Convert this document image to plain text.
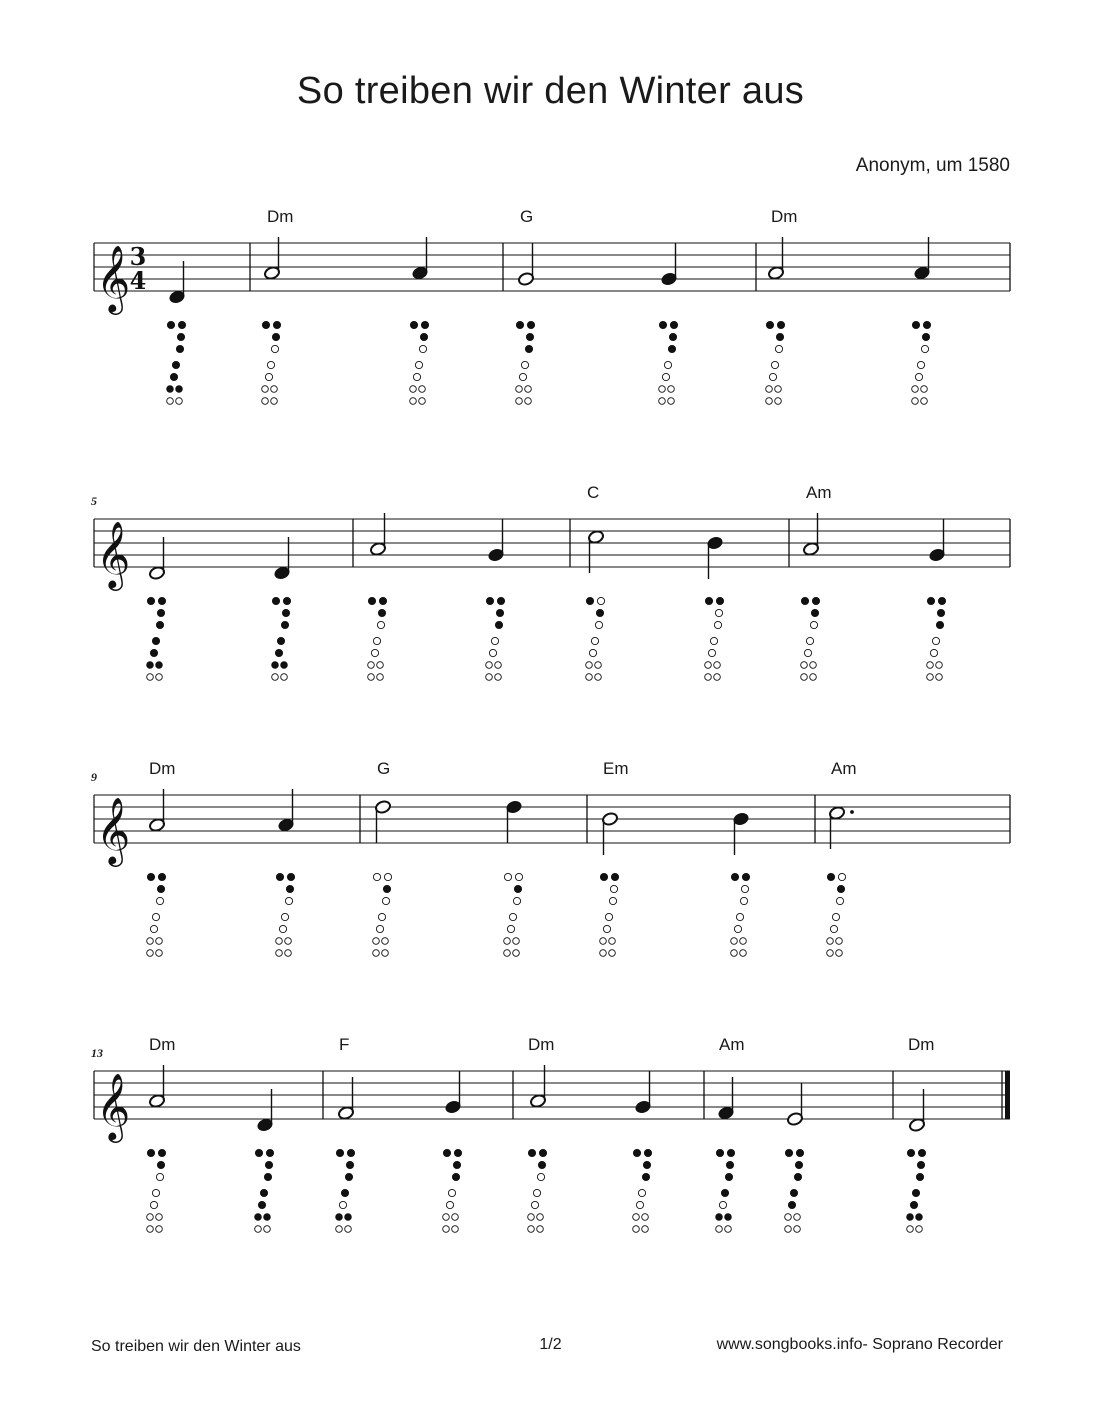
So treiben wir den Winter aus
Anonym, um 1580
Dm	G	Dm
𝄞 3
4
5	C	Am
𝄞
9	Dm	G	Em	Am
𝄞
13	Dm	F	Dm	Am	Dm
𝄞
So treiben wir den Winter aus	1/2	www.songbooks.info- Soprano Recorder
